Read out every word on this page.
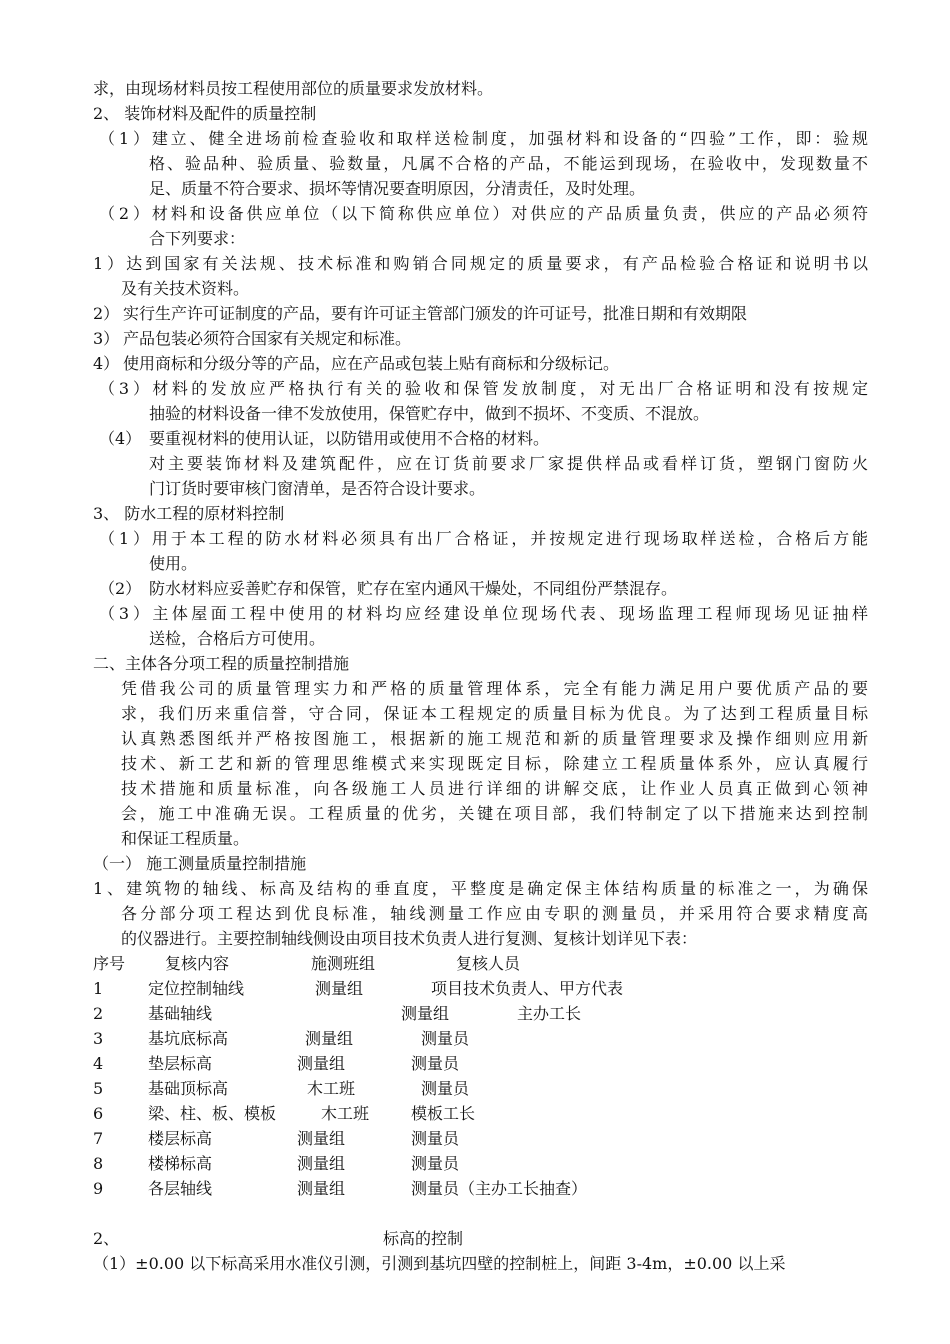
求，由现场材料员按工程使用部位的质量要求发放材料。
2、 装饰材料及配件的质量控制
（1）建立、健全进场前检查验收和取样送检制度，加强材料和设备的“四验”工作，即：验规
格、验品种、验质量、验数量，凡属不合格的产品，不能运到现场，在验收中，发现数量不
足、质量不符合要求、损坏等情况要查明原因，分清责任，及时处理。
（2）材料和设备供应单位（以下简称供应单位）对供应的产品质量负责，供应的产品必须符
合下列要求：
1）达到国家有关法规、技术标准和购销合同规定的质量要求，有产品检验合格证和说明书以
及有关技术资料。
2） 实行生产许可证制度的产品，要有许可证主管部门颁发的许可证号，批准日期和有效期限
3） 产品包装必须符合国家有关规定和标准。
4） 使用商标和分级分等的产品，应在产品或包装上贴有商标和分级标记。
（3）材料的发放应严格执行有关的验收和保管发放制度，对无出厂合格证明和没有按规定
抽验的材料设备一律不发放使用，保管贮存中，做到不损坏、不变质、不混放。
（4） 要重视材料的使用认证，以防错用或使用不合格的材料。
对主要装饰材料及建筑配件，应在订货前要求厂家提供样品或看样订货，塑钢门窗防火
门订货时要审核门窗清单，是否符合设计要求。
3、 防水工程的原材料控制
（1）用于本工程的防水材料必须具有出厂合格证，并按规定进行现场取样送检，合格后方能
使用。
（2） 防水材料应妥善贮存和保管，贮存在室内通风干燥处，不同组份严禁混存。
（3）主体屋面工程中使用的材料均应经建设单位现场代表、现场监理工程师现场见证抽样
送检，合格后方可使用。
二、主体各分项工程的质量控制措施
凭借我公司的质量管理实力和严格的质量管理体系，完全有能力满足用户要优质产品的要
求，我们历来重信誉，守合同，保证本工程规定的质量目标为优良。为了达到工程质量目标
认真熟悉图纸并严格按图施工，根据新的施工规范和新的质量管理要求及操作细则应用新
技术、新工艺和新的管理思维模式来实现既定目标，除建立工程质量体系外，应认真履行
技术措施和质量标准，向各级施工人员进行详细的讲解交底，让作业人员真正做到心领神
会，施工中准确无误。工程质量的优劣，关键在项目部，我们特制定了以下措施来达到控制
和保证工程质量。
（一） 施工测量质量控制措施
1、建筑物的轴线、标高及结构的垂直度，平整度是确定保主体结构质量的标准之一，为确保
各分部分项工程达到优良标准，轴线测量工作应由专职的测量员，并采用符合要求精度高
的仪器进行。主要控制轴线侧设由项目技术负责人进行复测、复核计划详见下表：
序号 复核内容	施测班组	复核人员
1	定位控制轴线	测量组	项目技术负责人、甲方代表
2	基础轴线	测量组	主办工长
3	基坑底标高	测量组	测量员
4	垫层标高	测量组	测量员
5	基础顶标高	木工班	测量员
6	梁、柱、板、模板	木工班	模板工长
7	楼层标高	测量组	测量员
8	楼梯标高	测量组	测量员
9	各层轴线	测量组	测量员（主办工长抽查）
2、	标高的控制
（1）±0.00 以下标高采用水准仪引测，引测到基坑四壁的控制桩上，间距 3-4m，±0.00 以上采
